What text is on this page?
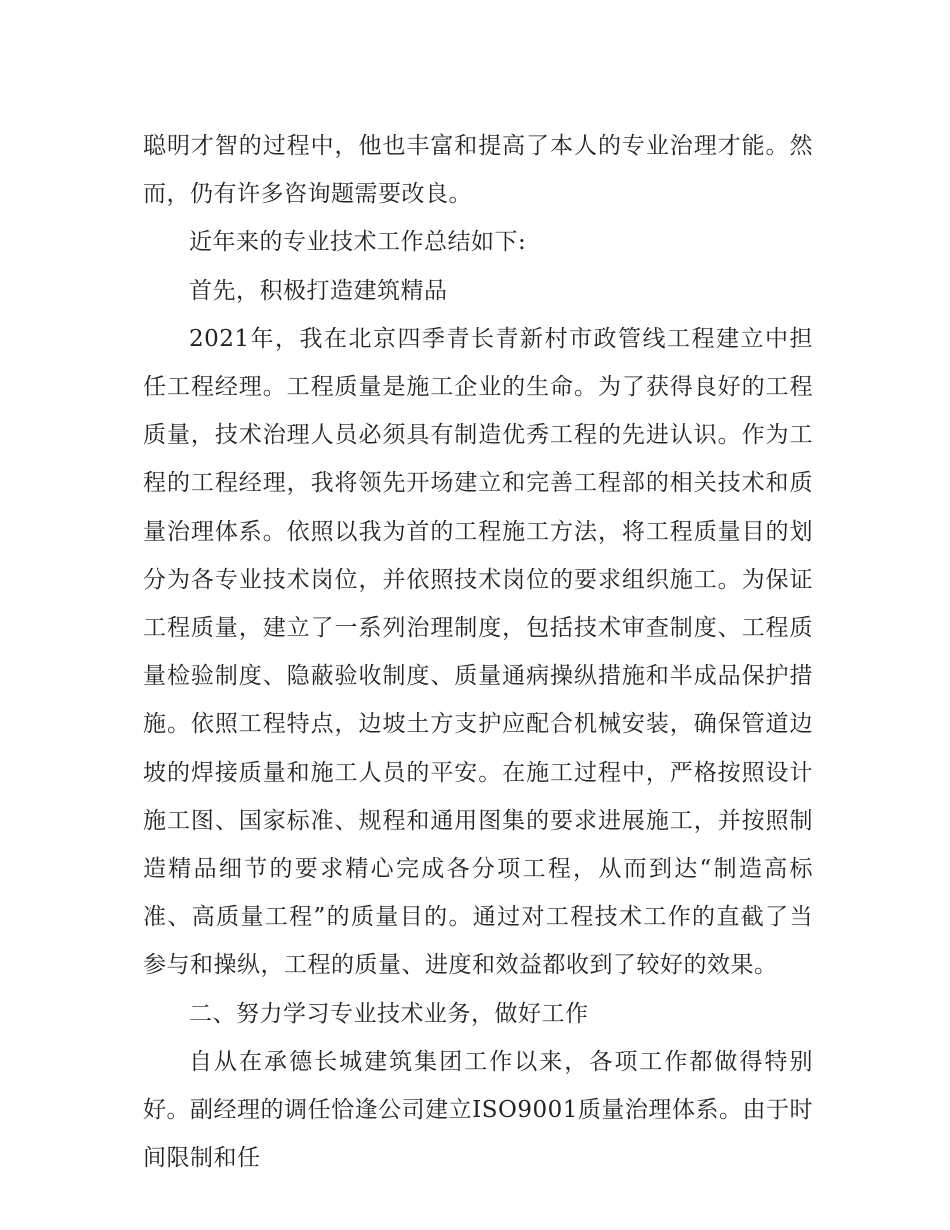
聪明才智的过程中，他也丰富和提高了本人的专业治理才能。然而，仍有许多咨询题需要改良。

近年来的专业技术工作总结如下:

首先，积极打造建筑精品

2021年，我在北京四季青长青新村市政管线工程建立中担任工程经理。工程质量是施工企业的生命。为了获得良好的工程质量，技术治理人员必须具有制造优秀工程的先进认识。作为工程的工程经理，我将领先开场建立和完善工程部的相关技术和质量治理体系。依照以我为首的工程施工方法，将工程质量目的划分为各专业技术岗位，并依照技术岗位的要求组织施工。为保证工程质量，建立了一系列治理制度，包括技术审查制度、工程质量检验制度、隐蔽验收制度、质量通病操纵措施和半成品保护措施。依照工程特点，边坡土方支护应配合机械安装，确保管道边坡的焊接质量和施工人员的平安。在施工过程中，严格按照设计施工图、国家标准、规程和通用图集的要求进展施工，并按照制造精品细节的要求精心完成各分项工程，从而到达“制造高标准、高质量工程”的质量目的。通过对工程技术工作的直截了当参与和操纵，工程的质量、进度和效益都收到了较好的效果。

二、努力学习专业技术业务，做好工作

自从在承德长城建筑集团工作以来，各项工作都做得特别好。副经理的调任恰逢公司建立ISO9001质量治理体系。由于时间限制和任
